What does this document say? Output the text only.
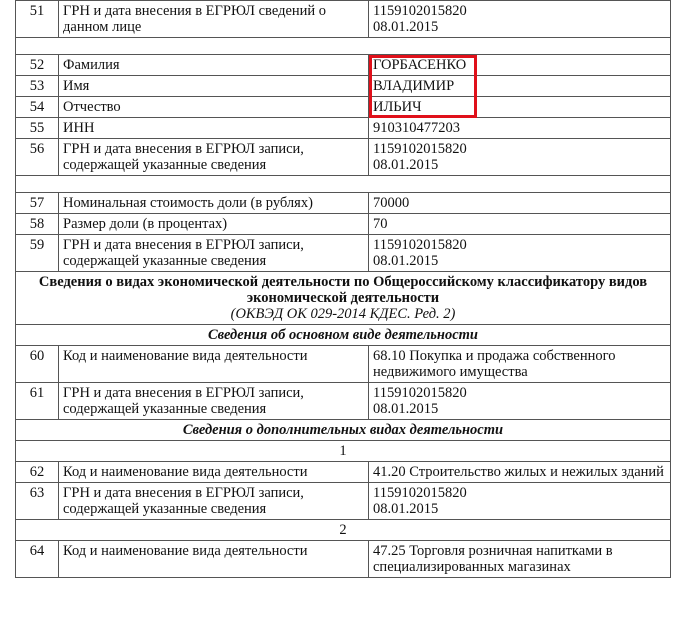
51	ГРН и дата внесения в ЕГРЮЛ сведений о данном лице	1159102015820
08.01.2015

52	Фамилия	ГОРБАСЕНКО
53	Имя	ВЛАДИМИР
54	Отчество	ИЛЬИЧ
55	ИНН	910310477203
56	ГРН и дата внесения в ЕГРЮЛ записи, содержащей указанные сведения	1159102015820
08.01.2015

57	Номинальная стоимость доли (в рублях)	70000
58	Размер доли (в процентах)	70
59	ГРН и дата внесения в ЕГРЮЛ записи, содержащей указанные сведения	1159102015820
08.01.2015
Сведения о видах экономической деятельности по Общероссийскому классификатору видов экономической деятельности
(ОКВЭД ОК 029-2014 КДЕС. Ред. 2)		

Сведения об основном виде деятельности		
60	Код и наименование вида деятельности	68.10 Покупка и продажа собственного недвижимого имущества
61	ГРН и дата внесения в ЕГРЮЛ записи, содержащей указанные сведения	1159102015820
08.01.2015
Сведения о дополнительных видах деятельности		
1		
62	Код и наименование вида деятельности	41.20 Строительство жилых и нежилых зданий
63	ГРН и дата внесения в ЕГРЮЛ записи, содержащей указанные сведения	1159102015820
08.01.2015
2		
64	Код и наименование вида деятельности	47.25 Торговля розничная напитками в специализированных магазинах
